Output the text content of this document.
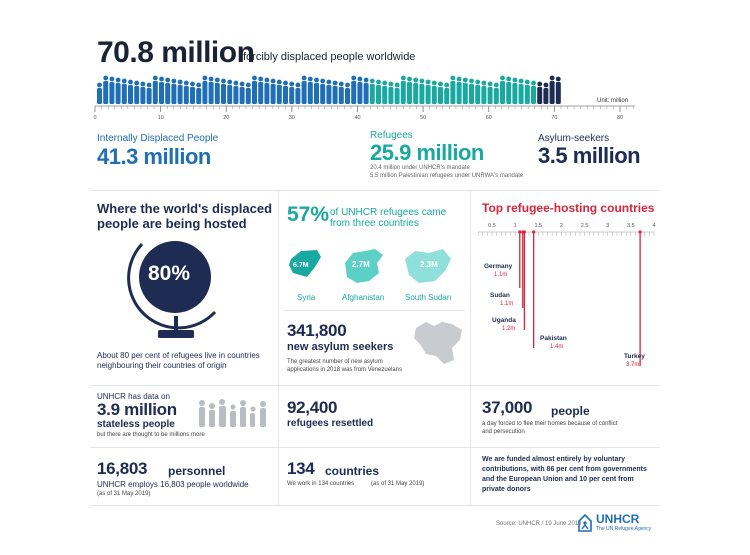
70.8 million
forcibly displaced people worldwide
0	10	20	30	40	50	60	70	80
Unit: million
Internally Displaced People
41.3 million
Refugees
25.9 million
20.4 million under UNHCR's mandate
5.5 million Palestinian refugees under UNRWA's mandate
Asylum-seekers
3.5 million
Where the world's displaced
people are being hosted
80%
About 80 per cent of refugees live in countries
neighbouring their countries of origin
57% of UNHCR refugees came
from three countries
6.7M	2.7M	2.3M
Syria	Afghanistan	South Sudan
341,800
new asylum seekers
The greatest number of new asylum
applications in 2018 was from Venezuelans
Top refugee-hosting countries
0.5	1	1.5	2	2.5	3	3.5	4
Germany
1.1m
Sudan
1.1m
Uganda
1.2m
Pakistan
1.4m
Turkey
3.7m
UNHCR has data on
3.9 million
stateless people
but there are thought to be millions more
92,400
refugees resettled
37,000 people
a day forced to flee their homes because of conflict
and persecution
16,803 personnel
UNHCR employs 16,803 people worldwide
(as of 31 May 2019)
134 countries
We work in 134 countries	(as of 31 May 2019)
We are funded almost entirely by voluntary
contributions, with 86 per cent from governments
and the European Union and 10 per cent from
private donors
Source: UNHCR / 19 June 2019 UNHCR
The UN Refugee Agency
